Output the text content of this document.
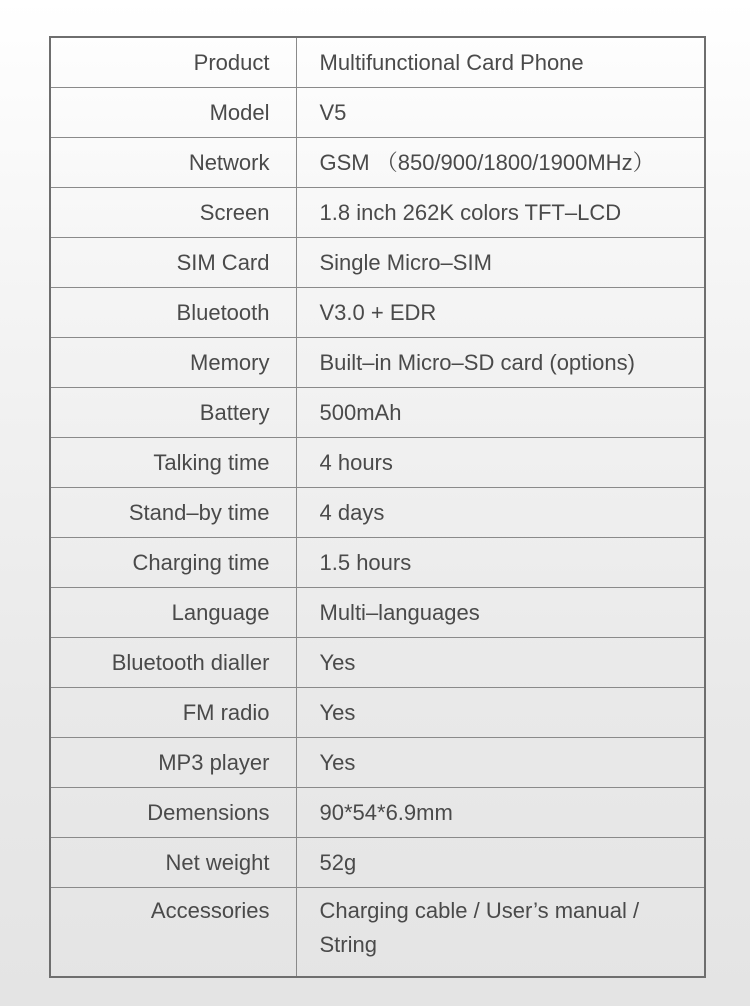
Product	Multifunctional Card Phone
Model	V5
Network	GSM （850/900/1800/1900MHz）
Screen	1.8 inch 262K colors TFT–LCD
SIM Card	Single Micro–SIM
Bluetooth	V3.0 + EDR
Memory	Built–in Micro–SD card (options)
Battery	500mAh
Talking time	4 hours
Stand–by time	4 days
Charging time	1.5 hours
Language	Multi–languages
Bluetooth dialler	Yes
FM radio	Yes
MP3 player	Yes
Demensions	90*54*6.9mm
Net weight	52g
Accessories	Charging cable / User’s manual / String
